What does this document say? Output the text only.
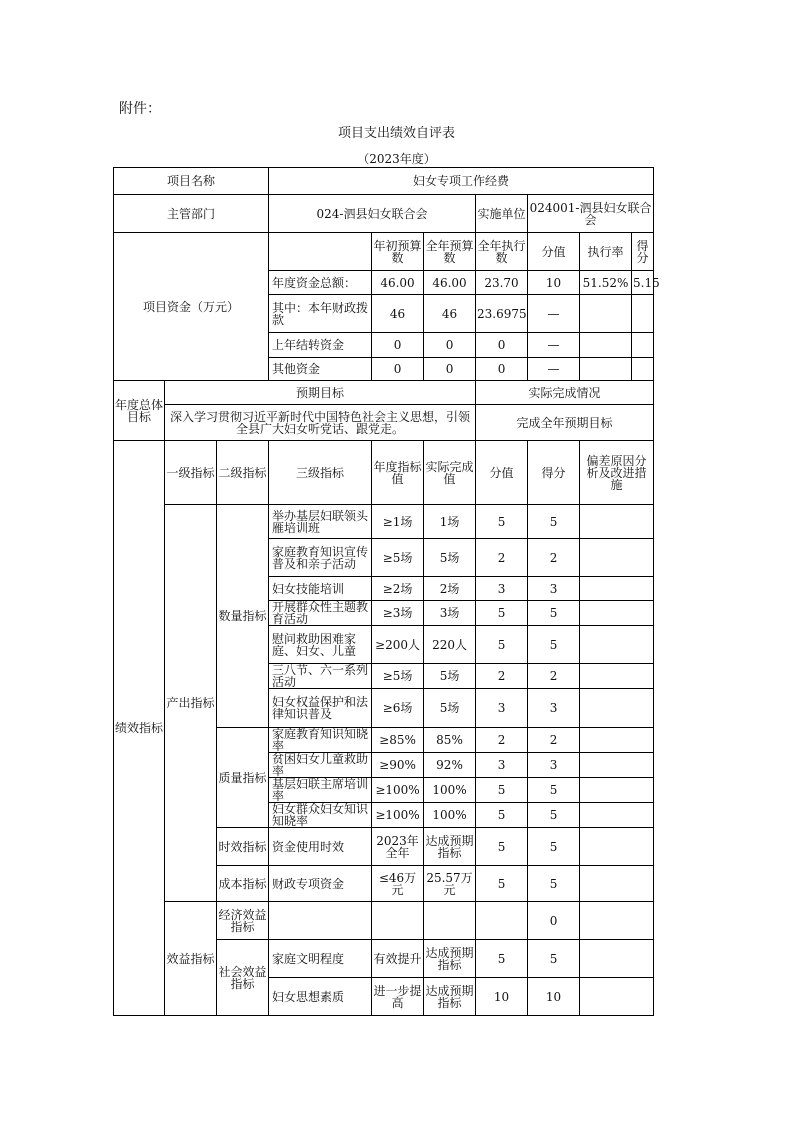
附件：
项目支出绩效自评表
（2023年度）
项目名称			妇女专项工作经费						
主管部门			024-泗县妇女联合会			实施单位	024001-泗县妇女联合会		
项目资金（万元）				年初预算数	全年预算数	全年执行数	分值	执行率	得分
			年度资金总额：	46.00	46.00	23.70	10	51.52%	5.15
			其中：本年财政拨款	46	46	23.6975	—		
			上年结转资金	0	0	0	—		
			其他资金	0	0	0	—		
年度总体目标	预期目标					实际完成情况			
	深入学习贯彻习近平新时代中国特色社会主义思想，引领全县广大妇女听党话、跟党走。					完成全年预期目标			
绩效指标	一级指标	二级指标	三级指标	年度指标值	实际完成值	分值	得分	偏差原因分析及改进措施	
	产出指标	数量指标	举办基层妇联领头雁培训班	≥1场	1场	5	5		
			家庭教育知识宣传普及和亲子活动	≥5场	5场	2	2		
			妇女技能培训	≥2场	2场	3	3		
			开展群众性主题教育活动	≥3场	3场	5	5		
			慰问救助困难家庭、妇女、儿童	≥200人	220人	5	5		
			三八节、六一系列活动	≥5场	5场	2	2		
			妇女权益保护和法律知识普及	≥6场	5场	3	3		
		质量指标	家庭教育知识知晓率	≥85%	85%	2	2		
			贫困妇女儿童救助率	≥90%	92%	3	3		
			基层妇联主席培训率	≥100%	100%	5	5		
			妇女群众妇女知识知晓率	≥100%	100%	5	5		
		时效指标	资金使用时效	2023年全年	达成预期指标	5	5		
		成本指标	财政专项资金	≤46万元	25.57万元	5	5		
	效益指标	经济效益指标					0		
		社会效益指标	家庭文明程度	有效提升	达成预期指标	5	5		
			妇女思想素质	进一步提高	达成预期指标	10	10		
